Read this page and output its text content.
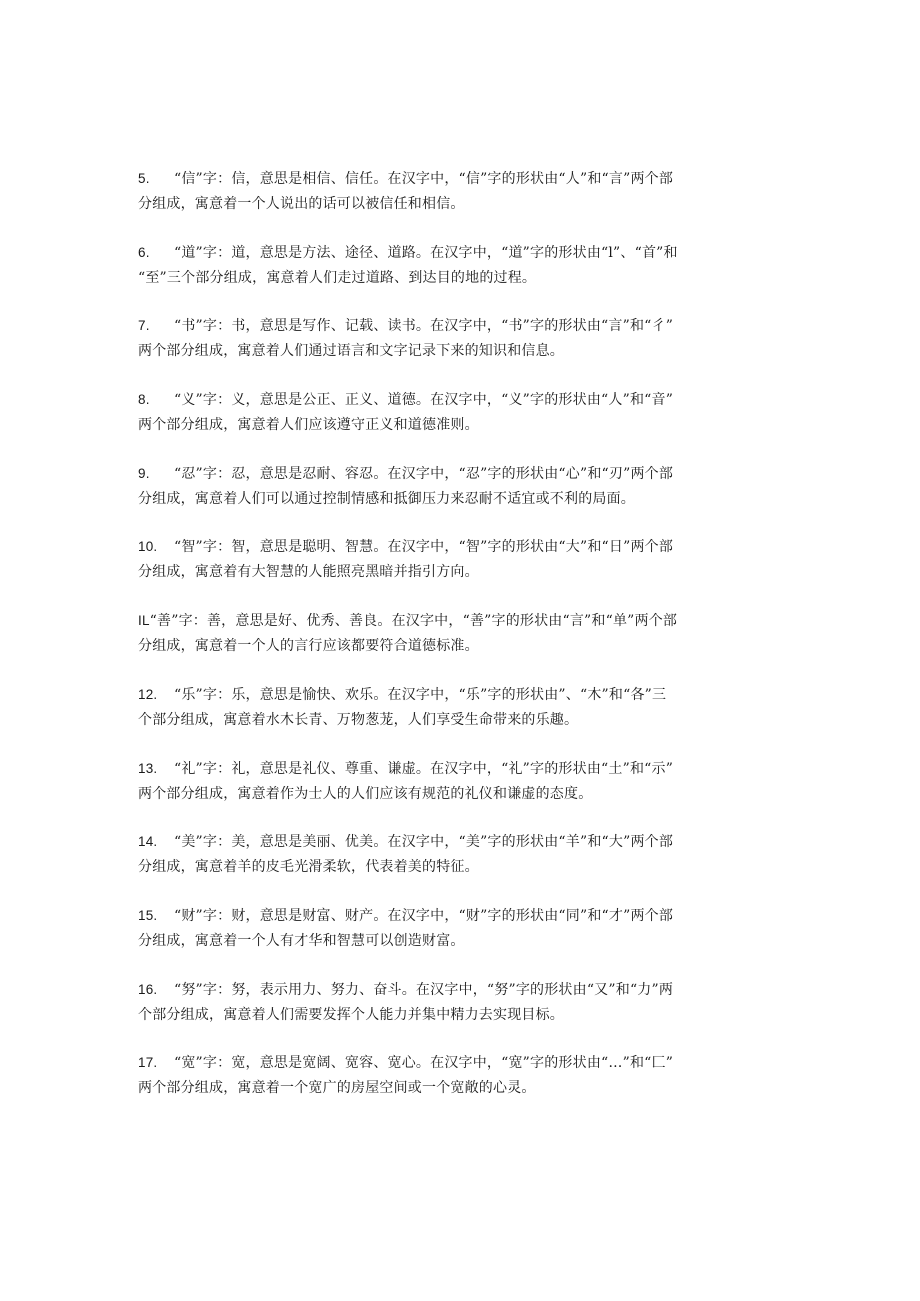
5. “信”字：信，意思是相信、信任。在汉字中，“信”字的形状由“人”和“言”两个部
分组成，寓意着一个人说出的话可以被信任和相信。
6. “道”字：道，意思是方法、途径、道路。在汉字中，“道”字的形状由“l”、“首”和
“至”三个部分组成，寓意着人们走过道路、到达目的地的过程。
7. “书”字：书，意思是写作、记载、读书。在汉字中，“书”字的形状由“言”和“彳”
两个部分组成，寓意着人们通过语言和文字记录下来的知识和信息。
8. “义”字：义，意思是公正、正义、道德。在汉字中，“义”字的形状由“人”和“音”
两个部分组成，寓意着人们应该遵守正义和道德准则。
9. “忍”字：忍，意思是忍耐、容忍。在汉字中，“忍”字的形状由“心”和“刃”两个部
分组成，寓意着人们可以通过控制情感和抵御压力来忍耐不适宜或不利的局面。
10. “智”字：智，意思是聪明、智慧。在汉字中，“智”字的形状由“大”和“日”两个部
分组成，寓意着有大智慧的人能照亮黑暗并指引方向。
IL“善”字：善，意思是好、优秀、善良。在汉字中，“善”字的形状由“言”和“单”两个部
分组成，寓意着一个人的言行应该都要符合道德标准。
12. “乐”字：乐，意思是愉快、欢乐。在汉字中，“乐”字的形状由”、“木”和“各”三
个部分组成，寓意着水木长青、万物葱茏，人们享受生命带来的乐趣。
13. “礼”字：礼，意思是礼仪、尊重、谦虚。在汉字中，“礼”字的形状由“土”和“示”
两个部分组成，寓意着作为士人的人们应该有规范的礼仪和谦虚的态度。
14. “美”字：美，意思是美丽、优美。在汉字中，“美”字的形状由“羊”和“大”两个部
分组成，寓意着羊的皮毛光滑柔软，代表着美的特征。
15. “财”字：财，意思是财富、财产。在汉字中，“财”字的形状由“同”和“才”两个部
分组成，寓意着一个人有才华和智慧可以创造财富。
16. “努”字：努，表示用力、努力、奋斗。在汉字中，“努”字的形状由“又”和“力”两
个部分组成，寓意着人们需要发挥个人能力并集中精力去实现目标。
17. “宽”字：宽，意思是宽阔、宽容、宽心。在汉字中，“宽”字的形状由“…”和“匚”
两个部分组成，寓意着一个宽广的房屋空间或一个宽敞的心灵。
